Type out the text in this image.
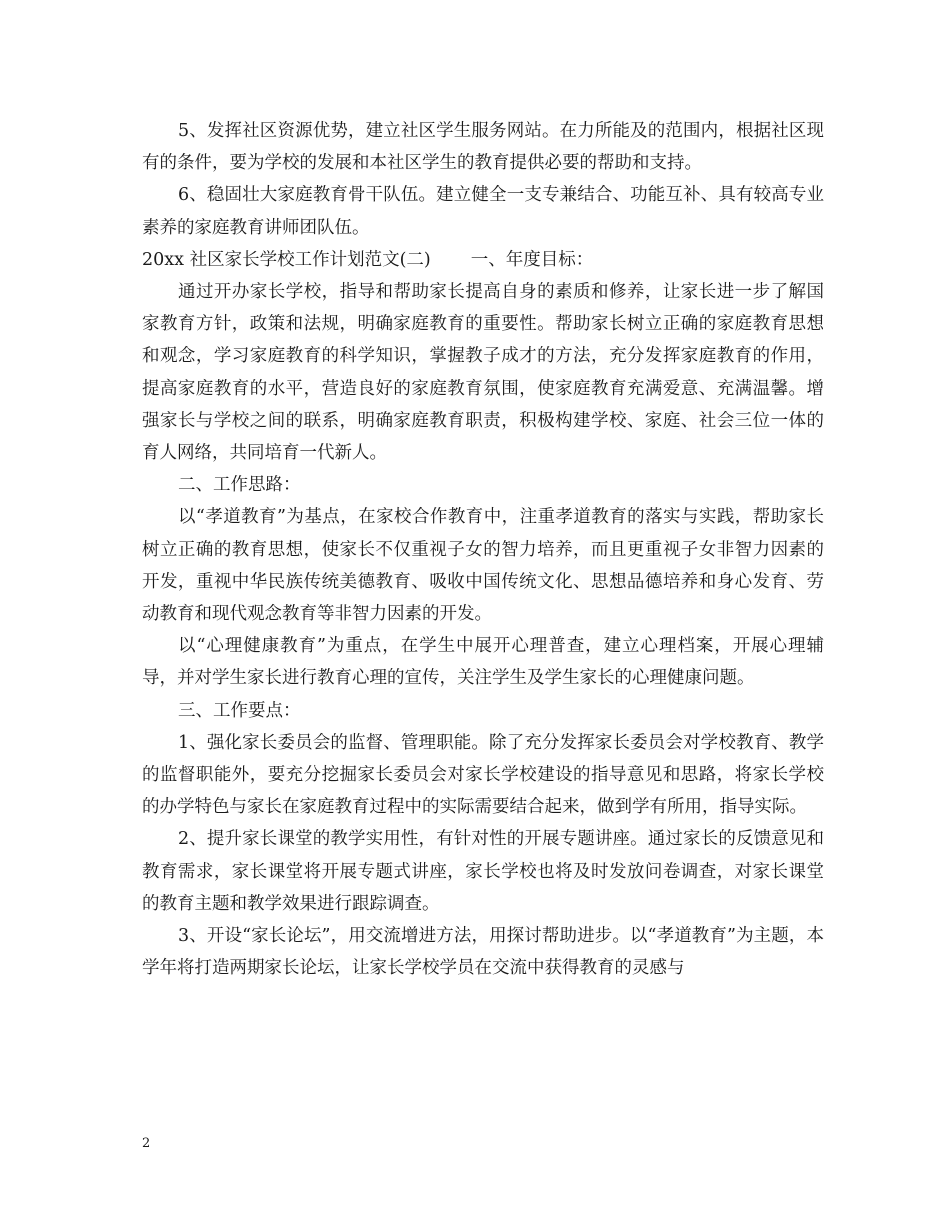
5、发挥社区资源优势，建立社区学生服务网站。在力所能及的范围内，根据社区现有的条件，要为学校的发展和本社区学生的教育提供必要的帮助和支持。

6、稳固壮大家庭教育骨干队伍。建立健全一支专兼结合、功能互补、具有较高专业素养的家庭教育讲师团队伍。

20xx 社区家长学校工作计划范文(二) 一、年度目标：

通过开办家长学校，指导和帮助家长提高自身的素质和修养，让家长进一步了解国家教育方针，政策和法规，明确家庭教育的重要性。帮助家长树立正确的家庭教育思想和观念，学习家庭教育的科学知识，掌握教子成才的方法，充分发挥家庭教育的作用，提高家庭教育的水平，营造良好的家庭教育氛围，使家庭教育充满爱意、充满温馨。增强家长与学校之间的联系，明确家庭教育职责，积极构建学校、家庭、社会三位一体的育人网络，共同培育一代新人。

二、工作思路：

以“孝道教育”为基点，在家校合作教育中，注重孝道教育的落实与实践，帮助家长树立正确的教育思想，使家长不仅重视子女的智力培养，而且更重视子女非智力因素的开发，重视中华民族传统美德教育、吸收中国传统文化、思想品德培养和身心发育、劳动教育和现代观念教育等非智力因素的开发。

以“心理健康教育”为重点，在学生中展开心理普查，建立心理档案，开展心理辅导，并对学生家长进行教育心理的宣传，关注学生及学生家长的心理健康问题。

三、工作要点：

1、强化家长委员会的监督、管理职能。除了充分发挥家长委员会对学校教育、教学的监督职能外，要充分挖掘家长委员会对家长学校建设的指导意见和思路，将家长学校的办学特色与家长在家庭教育过程中的实际需要结合起来，做到学有所用，指导实际。

2、提升家长课堂的教学实用性，有针对性的开展专题讲座。通过家长的反馈意见和教育需求，家长课堂将开展专题式讲座，家长学校也将及时发放问卷调查，对家长课堂的教育主题和教学效果进行跟踪调查。

3、开设“家长论坛”，用交流增进方法，用探讨帮助进步。以“孝道教育”为主题，本学年将打造两期家长论坛，让家长学校学员在交流中获得教育的灵感与

2
